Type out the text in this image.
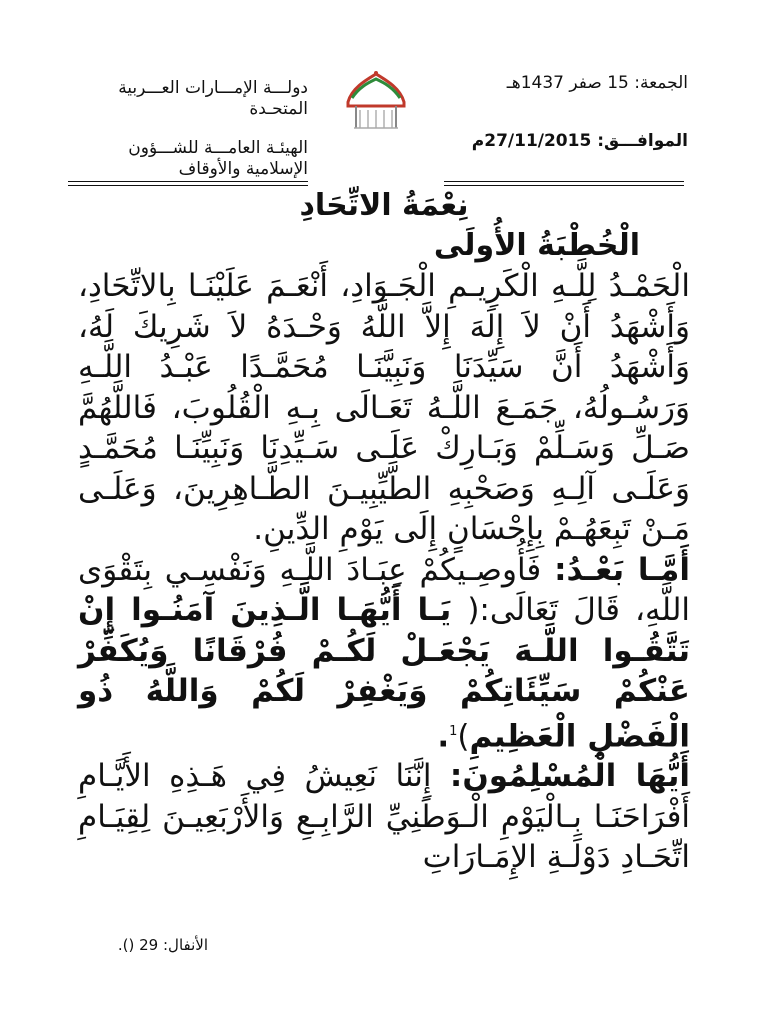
الجمعة: 15 صفر 1437هـ
الموافـــق: 27/11/2015م
دولـــة الإمـــارات العـــربية
المتحـدة
الهيئـة العامـــة للشـــؤون
الإسلامية والأوقاف
نِعْمَةُ الاتِّحَادِ
الْخُطْبَةُ الأُولَى

الْحَمْـدُ لِلَّـهِ الْكَرِيـمِ الْجَـوَادِ، أَنْعَـمَ عَلَيْنَـا بِالاتِّحَادِ، وَأَشْهَدُ أَنْ لاَ إِلَهَ إِلاَّ اللَّهُ وَحْـدَهُ لاَ شَرِيكَ لَهُ، وَأَشْهَدُ أَنَّ سَيِّدَنَا وَنَبِيَّنَـا مُحَمَّـدًا عَبْـدُ اللَّـهِ وَرَسُـولُهُ، جَمَـعَ اللَّـهُ تَعَـالَى بِـهِ الْقُلُوبَ، فَاللَّهُمَّ صَـلِّ وَسَـلِّمْ وَبَـارِكْ عَلَـى سَـيِّدِنَا وَنَبِيِّنَـا مُحَمَّـدٍ وَعَلَـى آلِـهِ وَصَحْبِهِ الطَّيِّبِيـنَ الطَّـاهِرِينَ، وَعَلَـى مَـنْ تَبِعَهُـمْ بِإِحْسَانٍ إِلَى يَوْمِ الدِّينِ.

أَمَّـا بَعْـدُ: فَأُوصِـيكُمْ عِبَـادَ اللَّـهِ وَنَفْسِـي بِتَقْوَى اللَّهِ، قَالَ تَعَالَى:( يَـا أَيُّهَـا الَّـذِينَ آمَنُـوا إِنْ تَتَّقُـوا اللَّـهَ يَجْعَـلْ لَكُـمْ فُرْقَانًا وَيُكَفِّرْ عَنْكُمْ سَيِّئَاتِكُمْ وَيَغْفِرْ لَكُمْ وَاللَّهُ ذُو الْفَضْلِ الْعَظِيمِ)$^1$.

أَيُّهَا الْمُسْلِمُونَ: إِنَّنَا نَعِيشُ فِي هَـذِهِ الأَيَّـامِ أَفْرَاحَنَـا بِـالْيَوْمِ الْـوَطَنِيِّ الرَّابِـعِ وَالأَرْبَعِيـنَ لِقِيَـامِ اتِّحَـادِ دَوْلَـةِ الإِمَـارَاتِ

الأنفال: 29 ().
